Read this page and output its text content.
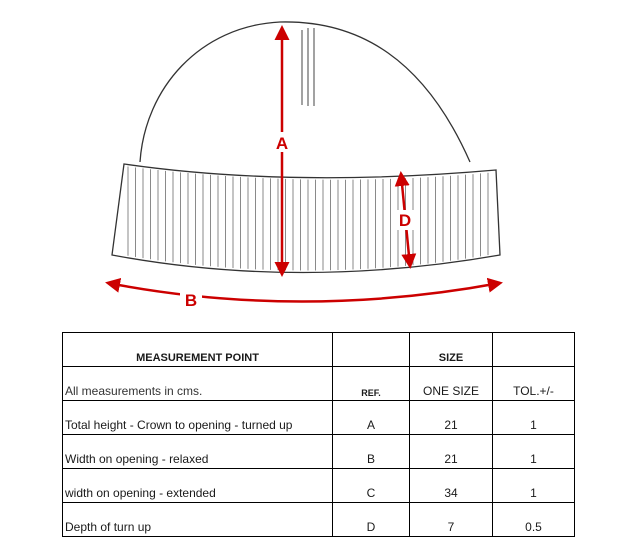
A
D
B
MEASUREMENT POINT		SIZE	
All measurements in cms.	REF.	ONE SIZE	TOL.+/-
Total height - Crown to opening - turned up	A	21	1
Width on opening - relaxed	B	21	1
width on opening - extended	C	34	1
Depth of turn up	D	7	0.5
